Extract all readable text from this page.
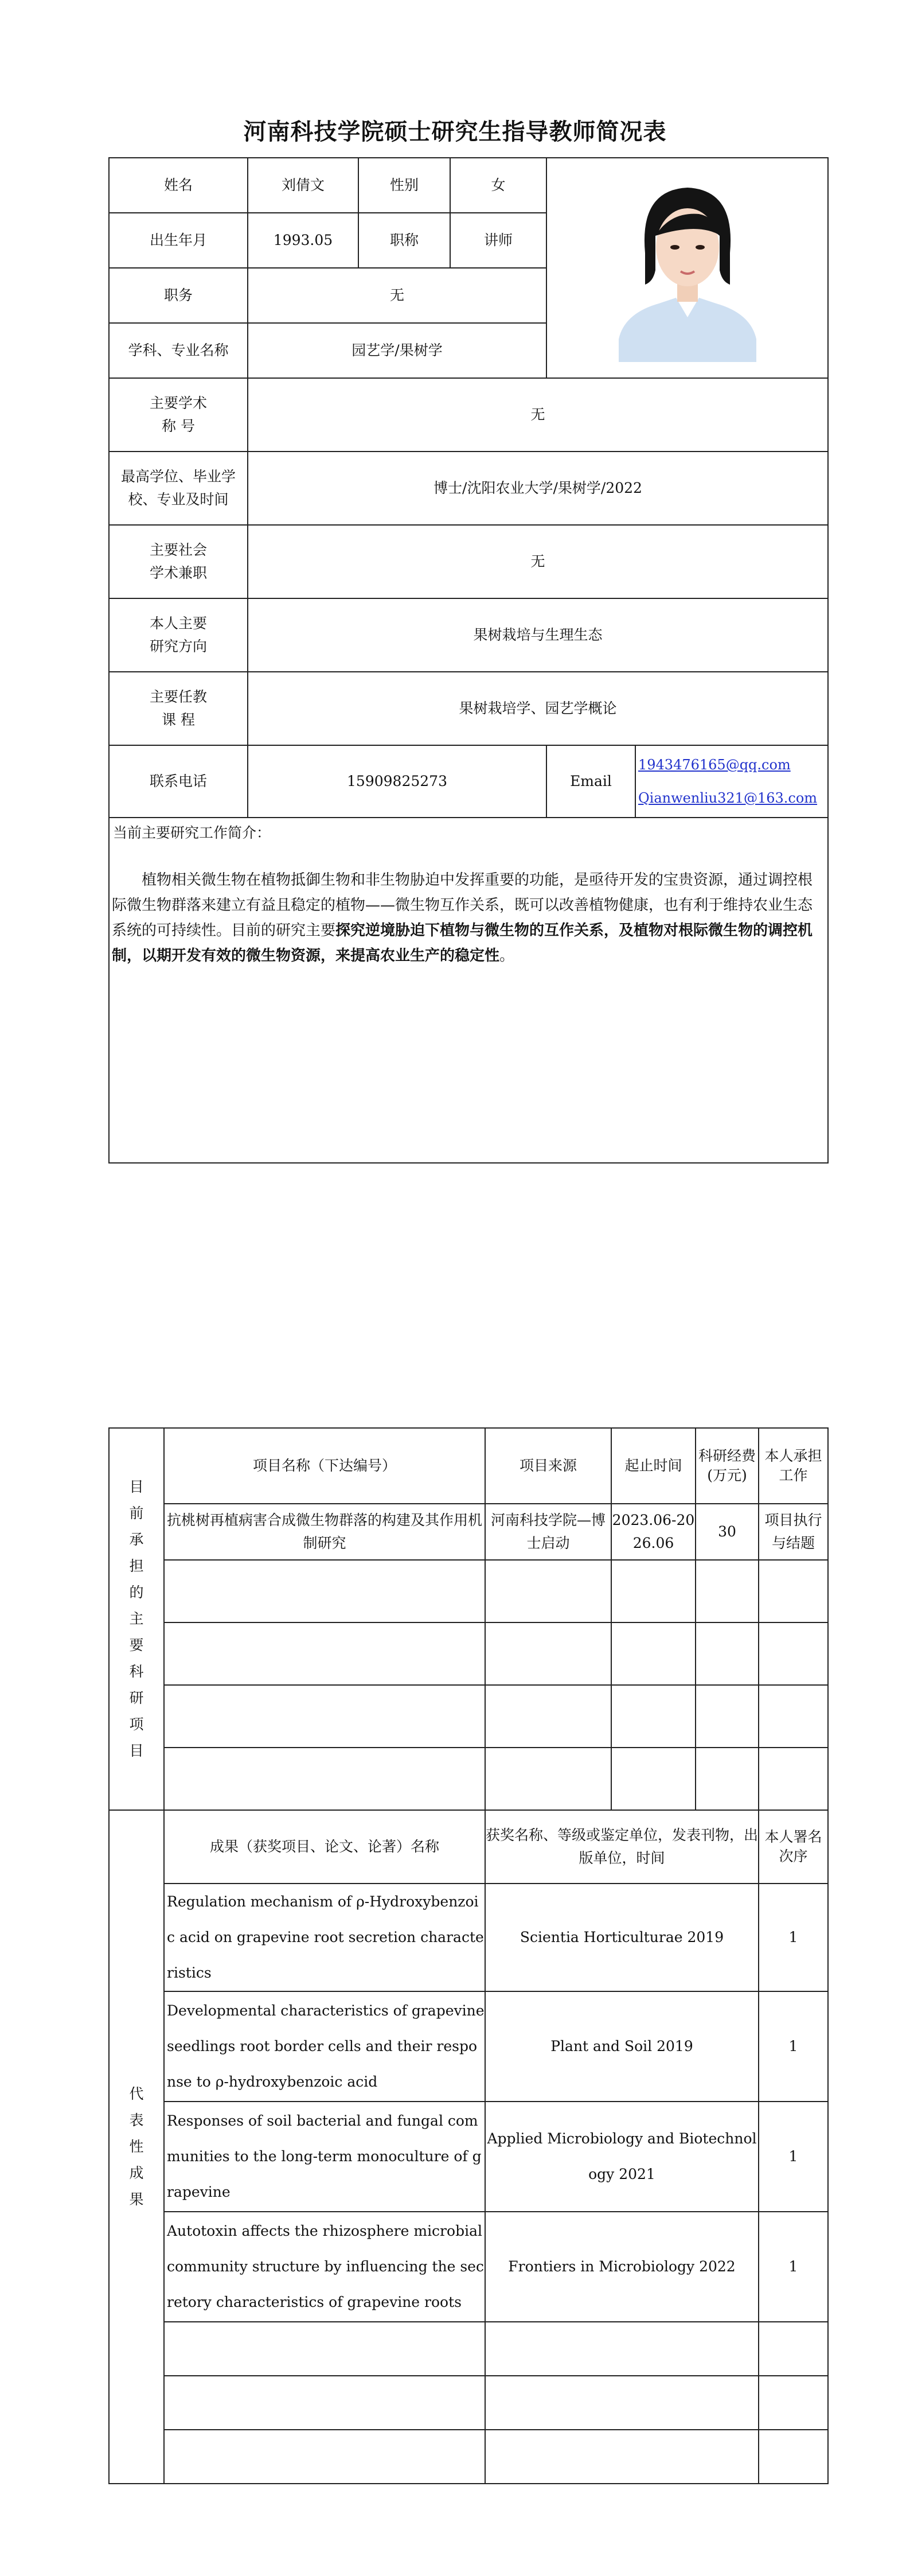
河南科技学院硕士研究生指导教师简况表
姓名	刘倩文	性别	女	
出生年月	1993.05	职称	讲师		
职务	无				
学科、专业名称	园艺学/果树学				
主要学术
称 号	无				
最高学位、毕业学
校、专业及时间	博士/沈阳农业大学/果树学/2022				
主要社会
学术兼职	无				
本人主要
研究方向	果树栽培与生理生态				
主要任教
课 程	果树栽培学、园艺学概论				
联系电话	15909825273			Email	1943476165@qq.com
Qianwenliu321@163.com

当前主要研究工作简介：
植物相关微生物在植物抵御生物和非生物胁迫中发挥重要的功能，是亟待开发的宝贵资源，通过调控根际微生物群落来建立有益且稳定的植物——微生物互作关系，既可以改善植物健康，也有利于维持农业生态系统的可持续性。目前的研究主要探究逆境胁迫下植物与微生物的互作关系，及植物对根际微生物的调控机制，以期开发有效的微生物资源，来提高农业生产的稳定性。					
目前承担的主要科研项目	项目名称（下达编号）	项目来源	起止时间	科研经费(万元)	本人承担工作
	抗桃树再植病害合成微生物群落的构建及其作用机制研究	河南科技学院—博士启动	2023.06-2026.06	30	项目执行与结题

代表性成果	成果（获奖项目、论文、论著）名称	获奖名称、等级或鉴定单位，发表刊物，出版单位，时间			本人署名次序
	Regulation mechanism of ρ-Hydroxybenzoic acid on grapevine root secretion characteristics	Scientia Horticulturae 2019			1
	Developmental characteristics of grapevine seedlings root border cells and their response to ρ-hydroxybenzoic acid	Plant and Soil 2019			1
	Responses of soil bacterial and fungal communities to the long-term monoculture of grapevine	Applied Microbiology and Biotechnology 2021			1
	Autotoxin affects the rhizosphere microbial community structure by influencing the secretory characteristics of grapevine roots	Frontiers in Microbiology 2022			1
